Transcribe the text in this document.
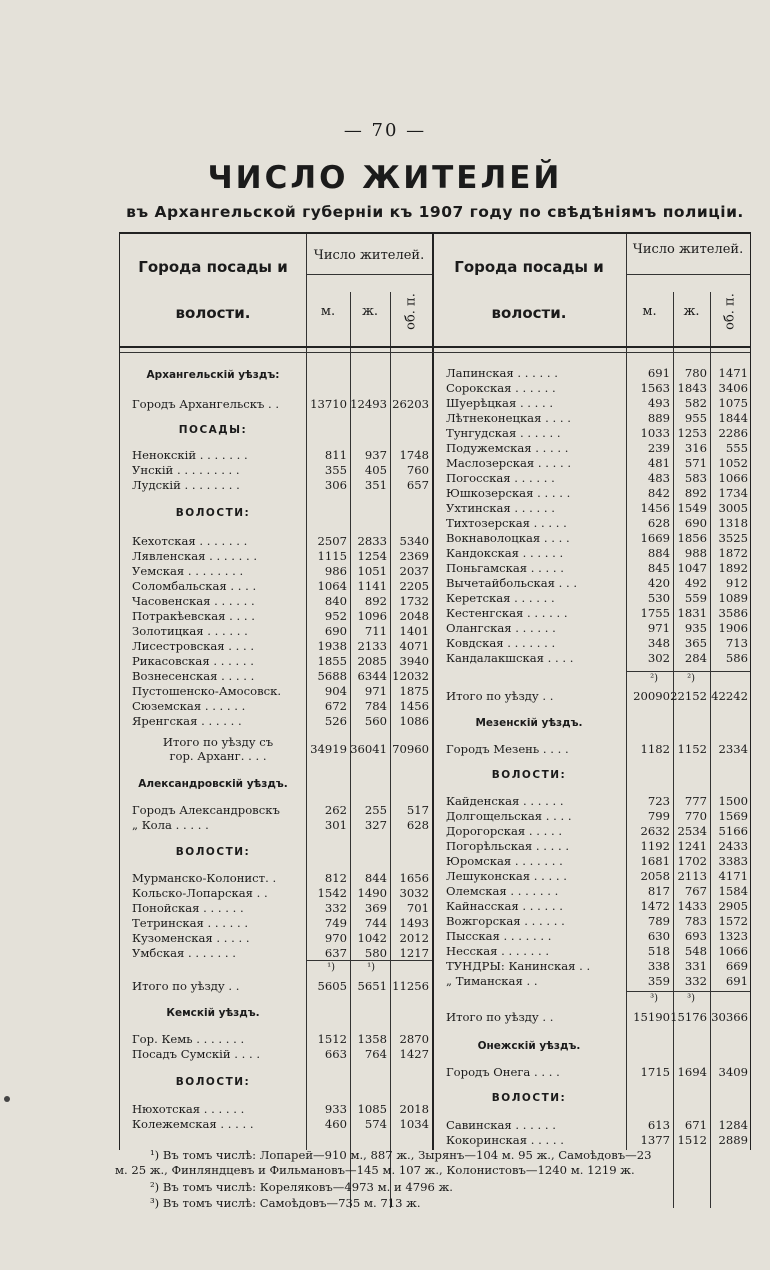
— 70 —
ЧИСЛО ЖИТЕЛЕЙ
въ Архангельской губерніи къ 1907 году по свѣдѣніямъ полиціи.
Города посады и
волости.
Число жителей.
м.	ж.	об. п.
Города посады и
волости.
Число жителей.
м.	ж.	об. п.
Архангельскій уѣздъ:
Городъ Архангельскъ . .	13710 12493 26203
ПОСАДЫ:
Ненокскій . . . . . . .	811	937	1748
Унскій . . . . . . . . .	355	405	760
Лудскій . . . . . . . .	306	351	657
ВОЛОСТИ:
Кехотская . . . . . . .	2507 2833	5340
Лявленская . . . . . . .	1115 1254	2369
Уемская . . . . . . . .	986 1051	2037
Соломбальская . . . .	1064 1141	2205
Часовенская . . . . . .	840	892	1732
Потракѣевская . . . .	952 1096	2048
Золотицкая . . . . . .	690	711	1401
Лисестровская . . . .	1938 2133	4071
Рикасовская . . . . . .	1855 2085	3940
Вознесенская . . . . .	5688 6344 12032
Пустошенско-Амосовск.	904	971	1875
Сюземская . . . . . .	672	784	1456
Яренгская . . . . . .	526	560	1086
Итого по уѣзду съ
гор. Арханг. . . .	34919 36041 70960
Александровскій уѣздъ.
Городъ Александровскъ	262	255	517
„ Кола . . . . .	301	327	628
ВОЛОСТИ:
Мурманско-Колонист. .	812	844	1656
Кольско-Лопарская . .	1542 1490	3032
Понойская . . . . . .	332	369	701
Тетринская . . . . . .	749	744	1493
Кузоменская . . . . .	970 1042	2012
Умбская . . . . . . .	637	580	1217
¹)	¹)
Итого по уѣзду . .	5605 5651 11256
Кемскій уѣздъ.
Гор. Кемь . . . . . . .	1512 1358	2870
Посадъ Сумскій . . . .	663	764	1427
ВОЛОСТИ:
Нюхотская . . . . . .	933 1085	2018
Колежемская . . . . .	460	574	1034
Лапинская . . . . . .	691	780 1471
Сорокская . . . . . .	1563 1843 3406
Шуерѣцкая . . . . .	493	582 1075
Лѣтнеконецкая . . . .	889	955 1844
Тунгудская . . . . . .	1033 1253 2286
Подужемская . . . . .	239	316	555
Маслозерская . . . . .	481	571 1052
Погосская . . . . . .	483	583 1066
Юшкозерская . . . . .	842	892 1734
Ухтинская . . . . . .	1456 1549 3005
Тихтозерская . . . . .	628	690 1318
Вокнаволоцкая . . . .	1669 1856 3525
Кандокская . . . . . .	884	988 1872
Поньгамская . . . . .	845 1047 1892
Вычетайбольская . . .	420	492	912
Керетская . . . . . .	530	559 1089
Кестенгская . . . . . .	1755 1831 3586
Олангская . . . . . .	971	935 1906
Ковдская . . . . . . .	348	365	713
Кандалакшская . . . .	302	284	586
²)	²)
Итого по уѣзду . .	20090 22152 42242
Мезенскій уѣздъ.
Городъ Мезень . . . .	1182 1152 2334
ВОЛОСТИ:
Кайденская . . . . . .	723	777 1500
Долгощельская . . . .	799	770 1569
Дорогорская . . . . .	2632 2534 5166
Погорѣльская . . . . .	1192 1241 2433
Юромская . . . . . . .	1681 1702 3383
Лешуконская . . . . .	2058 2113 4171
Олемская . . . . . . .	817	767 1584
Кайнасская . . . . . .	1472 1433 2905
Вожгорская . . . . . .	789	783 1572
Пысская . . . . . . .	630	693 1323
Несская . . . . . . .	518	548 1066
ТУНДРЫ: Канинская . .	338	331	669
„ Тиманская . .	359	332	691
³)	³)
Итого по уѣзду . .	15190 15176 30366
Онежскій уѣздъ.
Городъ Онега . . . .	1715 1694 3409
ВОЛОСТИ:
Савинская . . . . . .	613	671 1284
Кокоринская . . . . .	1377 1512 2889
¹) Въ томъ числѣ: Лопарей—910 м., 887 ж., Зырянъ—104 м. 95 ж., Самоѣдовъ—23
м. 25 ж., Финляндцевъ и Фильмановъ—145 м. 107 ж., Колонистовъ—1240 м. 1219 ж.
²) Въ томъ числѣ: Кореляковъ—4973 м. и 4796 ж.
³) Въ томъ числѣ: Самоѣдовъ—735 м. 713 ж.
